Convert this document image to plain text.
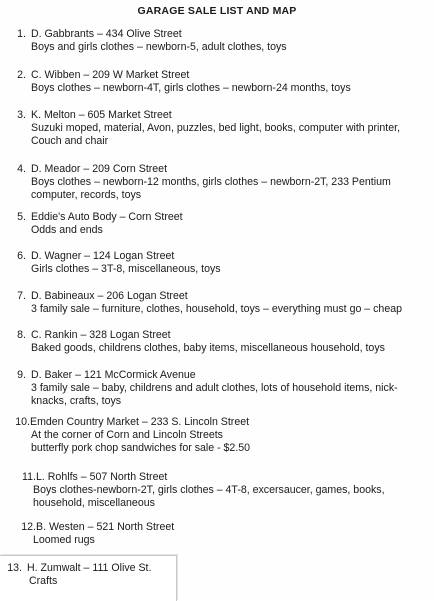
GARAGE SALE LIST AND MAP
1. D. Gabbrants – 434 Olive Street
Boys and girls clothes – newborn-5, adult clothes, toys
2. C. Wibben – 209 W Market Street
Boys clothes – newborn-4T, girls clothes – newborn-24 months, toys
3. K. Melton – 605 Market Street
Suzuki moped, material, Avon, puzzles, bed light, books, computer with printer,
Couch and chair
4. D. Meador – 209 Corn Street
Boys clothes – newborn-12 months, girls clothes – newborn-2T, 233 Pentium
computer, records, toys
5. Eddie's Auto Body – Corn Street
Odds and ends
6. D. Wagner – 124 Logan Street
Girls clothes – 3T-8, miscellaneous, toys
7. D. Babineaux – 206 Logan Street
3 family sale – furniture, clothes, household, toys – everything must go – cheap
8. C. Rankin – 328 Logan Street
Baked goods, childrens clothes, baby items, miscellaneous household, toys
9. D. Baker – 121 McCormick Avenue
3 family sale – baby, childrens and adult clothes, lots of household items, nick-
knacks, crafts, toys
10. Emden Country Market – 233 S. Lincoln Street
At the corner of Corn and Lincoln Streets
butterfly pork chop sandwiches for sale - $2.50
11. L. Rohlfs – 507 North Street
Boys clothes-newborn-2T, girls clothes – 4T-8, excersaucer, games, books,
household, miscellaneous
12. B. Westen – 521 North Street
Loomed rugs
13. H. Zumwalt – 111 Olive St.
Crafts
